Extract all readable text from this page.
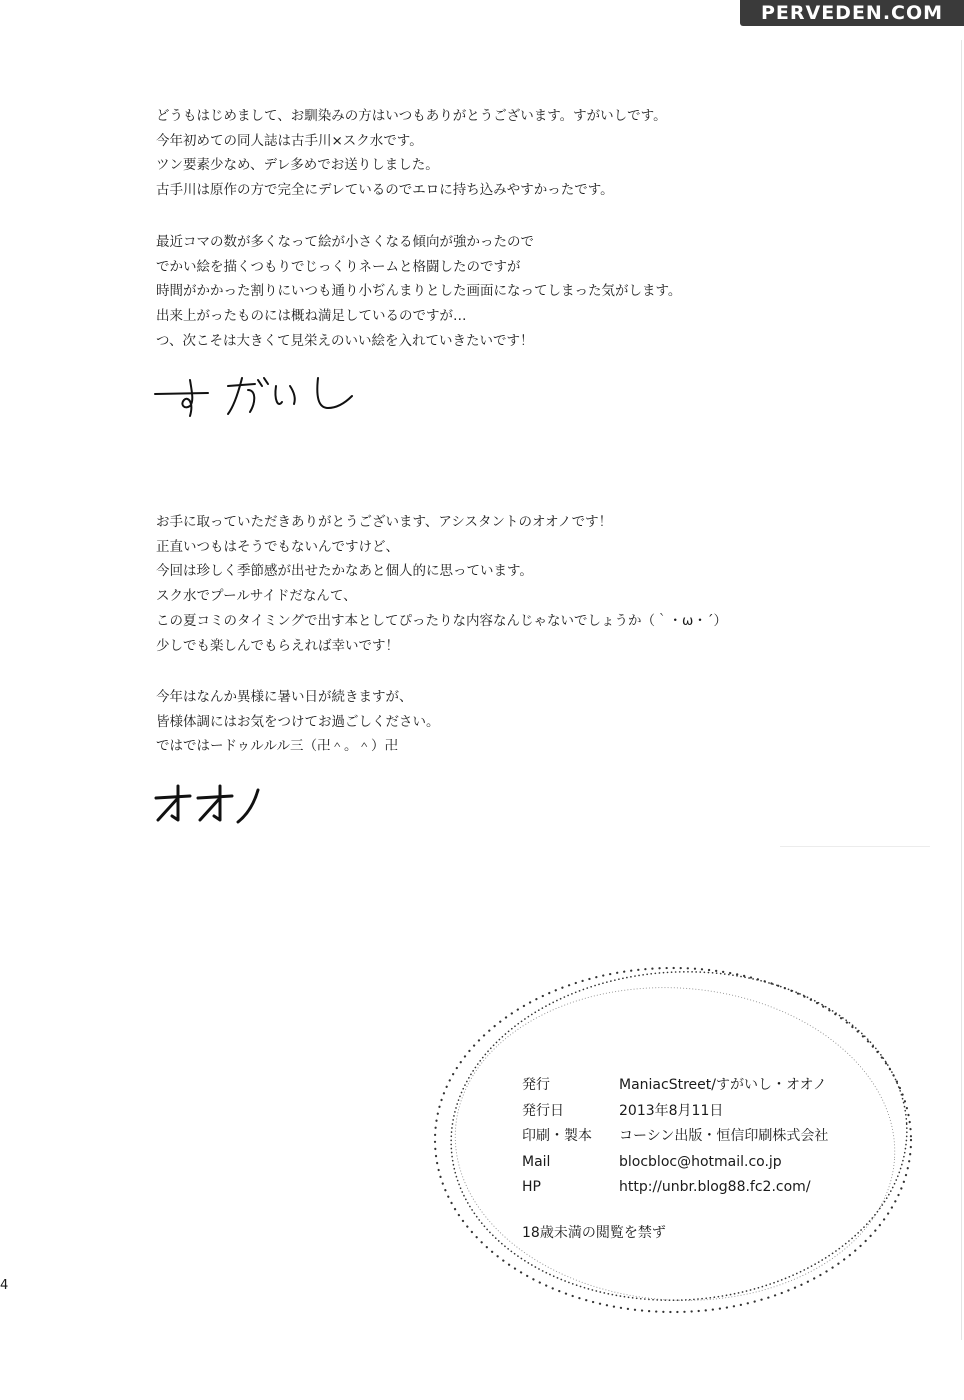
PERVEDEN.COM
どうもはじめまして、お馴染みの方はいつもありがとうございます。すがいしです。
今年初めての同人誌は古手川×スク水です。
ツン要素少なめ、デレ多めでお送りしました。
古手川は原作の方で完全にデレているのでエロに持ち込みやすかったです。
最近コマの数が多くなって絵が小さくなる傾向が強かったので
でかい絵を描くつもりでじっくりネームと格闘したのですが
時間がかかった割りにいつも通り小ぢんまりとした画面になってしまった気がします。
出来上がったものには概ね満足しているのですが…
つ、次こそは大きくて見栄えのいい絵を入れていきたいです！
お手に取っていただきありがとうございます、アシスタントのオオノです！
正直いつもはそうでもないんですけど、
今回は珍しく季節感が出せたかなあと個人的に思っています。
スク水でプールサイドだなんて、
この夏コミのタイミングで出す本としてぴったりな内容なんじゃないでしょうか（｀・ω・´）
少しでも楽しんでもらえれば幸いです！
今年はなんか異様に暑い日が続きますが、
皆様体調にはお気をつけてお過ごしください。
ではではードゥルルル三（卍＾。＾）卍
発行	ManiacStreet/すがいし・オオノ
発行日	2013年8月11日
印刷・製本	コーシン出版・恒信印刷株式会社
Mail	blocbloc@hotmail.co.jp
HP	http://unbr.blog88.fc2.com/
18歳未満の閲覧を禁ず
4
